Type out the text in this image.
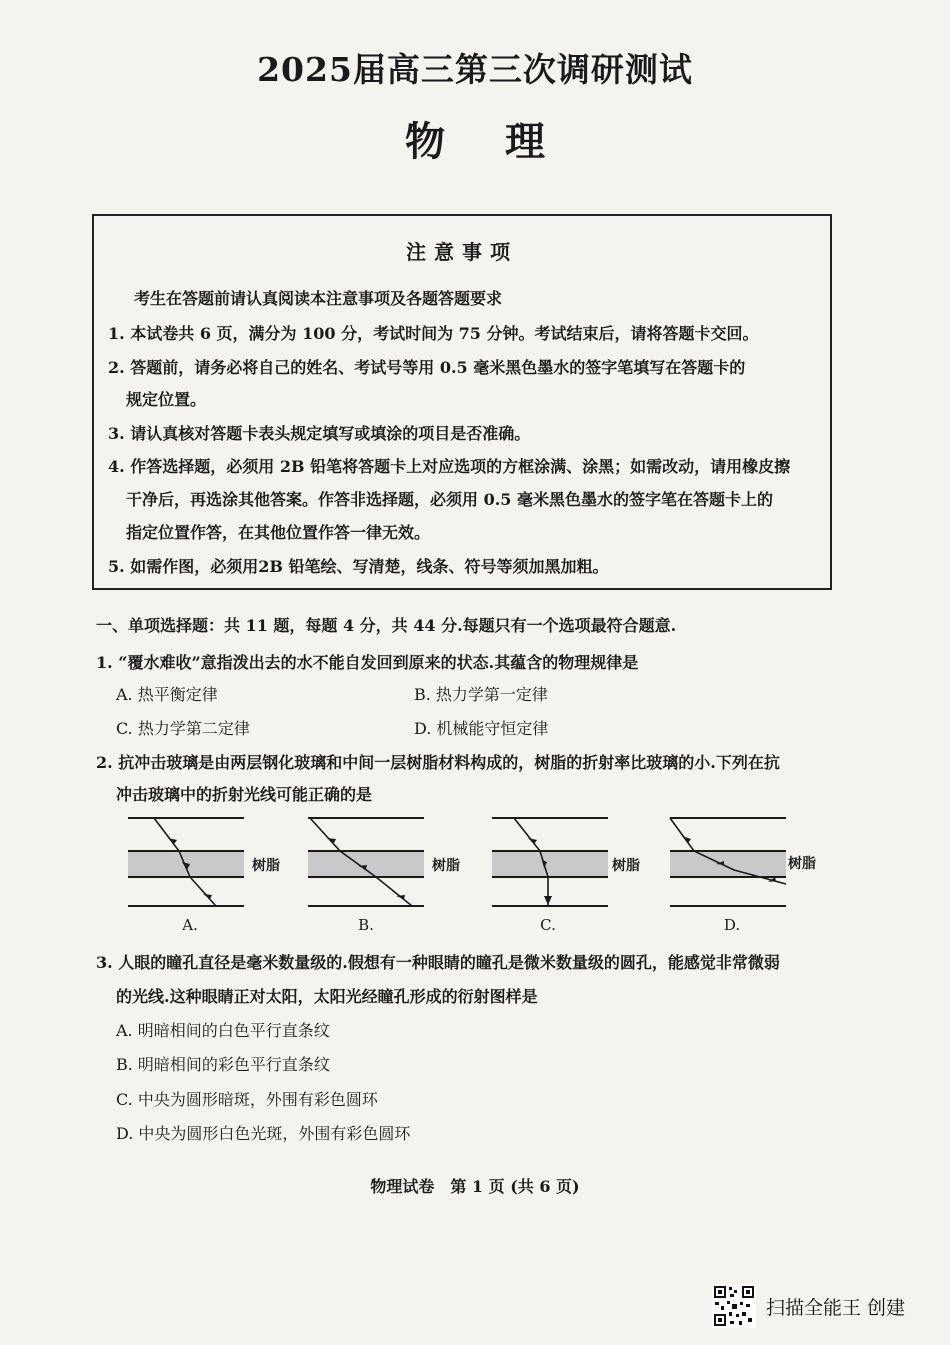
2025届高三第三次调研测试
物理
注意事项
考生在答题前请认真阅读本注意事项及各题答题要求
1. 本试卷共 6 页，满分为 100 分，考试时间为 75 分钟。考试结束后，请将答题卡交回。
2. 答题前，请务必将自己的姓名、考试号等用 0.5 毫米黑色墨水的签字笔填写在答题卡的
规定位置。
3. 请认真核对答题卡表头规定填写或填涂的项目是否准确。
4. 作答选择题，必须用 2B 铅笔将答题卡上对应选项的方框涂满、涂黑；如需改动，请用橡皮擦
干净后，再选涂其他答案。作答非选择题，必须用 0.5 毫米黑色墨水的签字笔在答题卡上的
指定位置作答，在其他位置作答一律无效。
5. 如需作图，必须用2B 铅笔绘、写清楚，线条、符号等须加黑加粗。
一、单项选择题：共 11 题，每题 4 分，共 44 分.每题只有一个选项最符合题意.
1. “覆水难收”意指泼出去的水不能自发回到原来的状态.其蕴含的物理规律是
A. 热平衡定律	B. 热力学第一定律
C. 热力学第二定律	D. 机械能守恒定律
2. 抗冲击玻璃是由两层钢化玻璃和中间一层树脂材料构成的，树脂的折射率比玻璃的小.下列在抗
冲击玻璃中的折射光线可能正确的是
树脂
A.
树脂
B.
树脂
C.
树脂
D.
3. 人眼的瞳孔直径是毫米数量级的.假想有一种眼睛的瞳孔是微米数量级的圆孔，能感觉非常微弱
的光线.这种眼睛正对太阳，太阳光经瞳孔形成的衍射图样是
A. 明暗相间的白色平行直条纹
B. 明暗相间的彩色平行直条纹
C. 中央为圆形暗斑，外围有彩色圆环
D. 中央为圆形白色光斑，外围有彩色圆环
物理试卷　第 1 页 (共 6 页)
扫描全能王 创建
